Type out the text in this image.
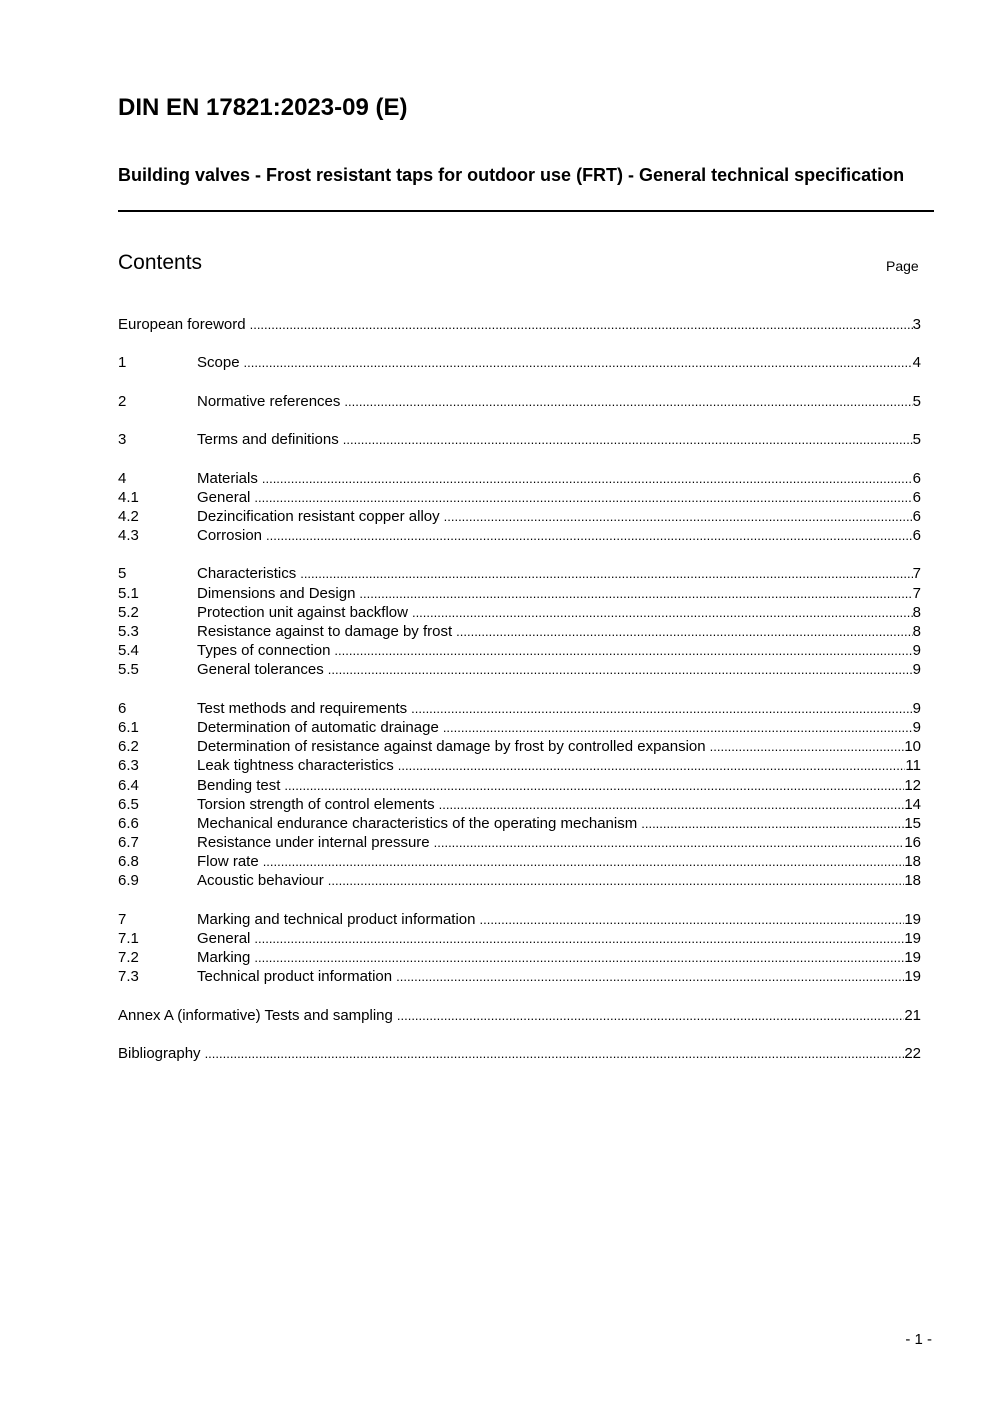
DIN EN 17821:2023-09 (E)
Building valves - Frost resistant taps for outdoor use (FRT) - General technical specification
Contents	Page
European foreword .....	3
1	Scope .....	4
2	Normative references .....	5
3	Terms and definitions .....	5
4	Materials .....	6
4.1	General .....	6
4.2	Dezincification resistant copper alloy .....	6
4.3	Corrosion .....	6
5	Characteristics .....	7
5.1	Dimensions and Design .....	7
5.2	Protection unit against backflow .....	8
5.3	Resistance against to damage by frost .....	8
5.4	Types of connection .....	9
5.5	General tolerances .....	9
6	Test methods and requirements .....	9
6.1	Determination of automatic drainage .....	9
6.2	Determination of resistance against damage by frost by controlled expansion .....	10
6.3	Leak tightness characteristics .....	11
6.4	Bending test .....	12
6.5	Torsion strength of control elements .....	14
6.6	Mechanical endurance characteristics of the operating mechanism .....	15
6.7	Resistance under internal pressure .....	16
6.8	Flow rate .....	18
6.9	Acoustic behaviour .....	18
7	Marking and technical product information .....	19
7.1	General .....	19
7.2	Marking .....	19
7.3	Technical product information .....	19
Annex A (informative) Tests and sampling .....	21
Bibliography .....	22
- 1 -
